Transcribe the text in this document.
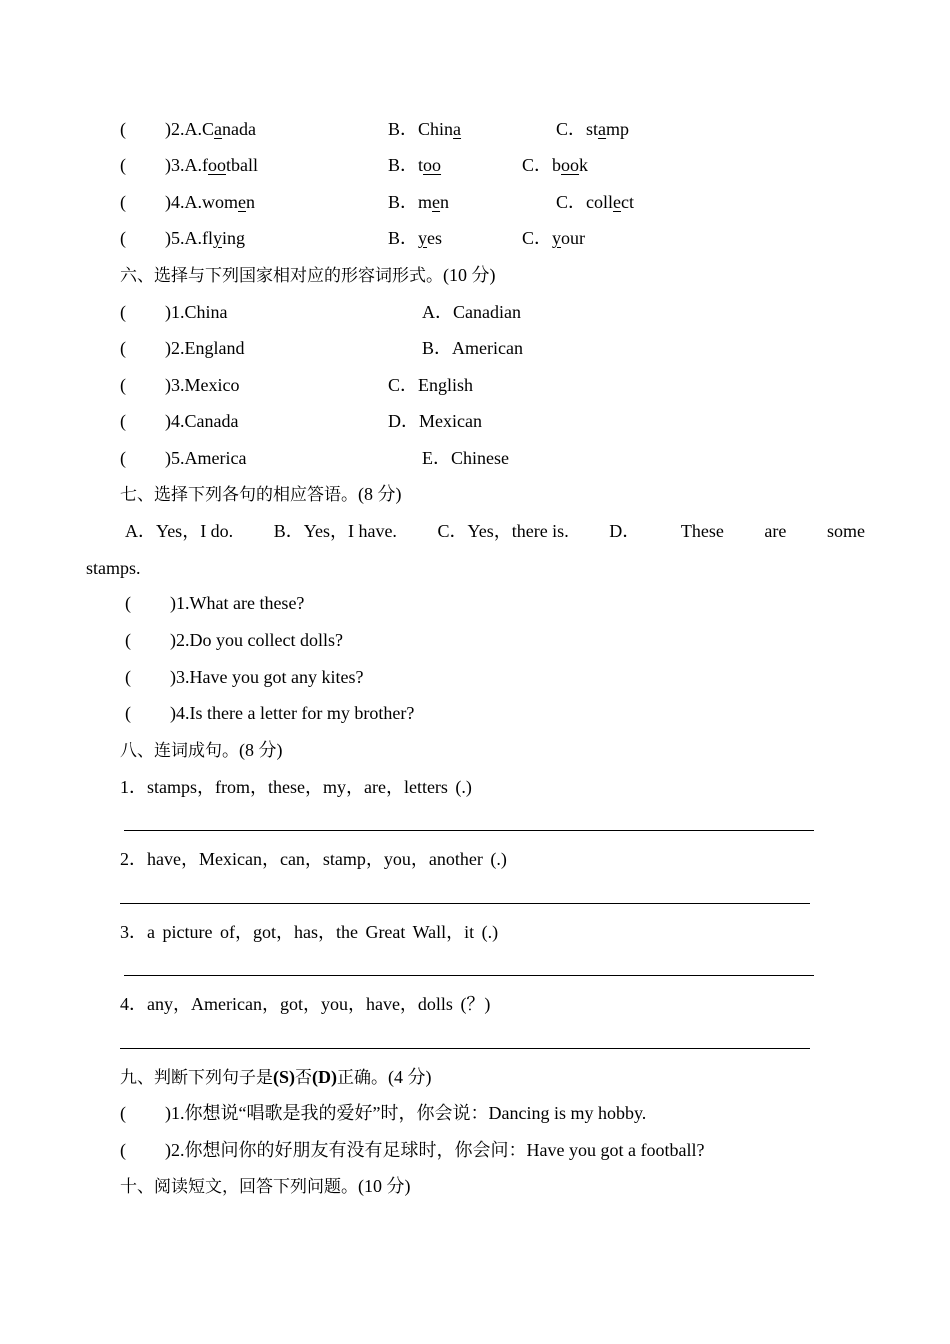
( )2.A.Canada	B．China	C．stamp
( )3.A.football	B．too	C．book
( )4.A.women	B．men	C．collect
( )5.A.flying	B．yes	C．your
六、选择与下列国家相对应的形容词形式。(10 分)
( )1.China	A．Canadian
( )2.England	B．American
( )3.Mexico	C．English
( )4.Canada	D．Mexican
( )5.America	E．Chinese
七、选择下列各句的相应答语。(8 分)
A．Yes，I do. B．Yes，I have. C．Yes，there is. D． These are some
stamps.
( )1.What are these?
( )2.Do you collect dolls?
( )3.Have you got any kites?
( )4.Is there a letter for my brother?
八、连词成句。(8 分)
1．stamps，from，these，my，are，letters (.)
2．have，Mexican，can，stamp，you，another (.)
3．a picture of，got，has，the Great Wall，it (.)
4．any，American，got，you，have，dolls (？)
九、判断下列句子是(S)否(D)正确。(4 分)
( )1.你想说“唱歌是我的爱好”时，你会说：Dancing is my hobby.
( )2.你想问你的好朋友有没有足球时，你会问：Have you got a football?
十、阅读短文，回答下列问题。(10 分)
